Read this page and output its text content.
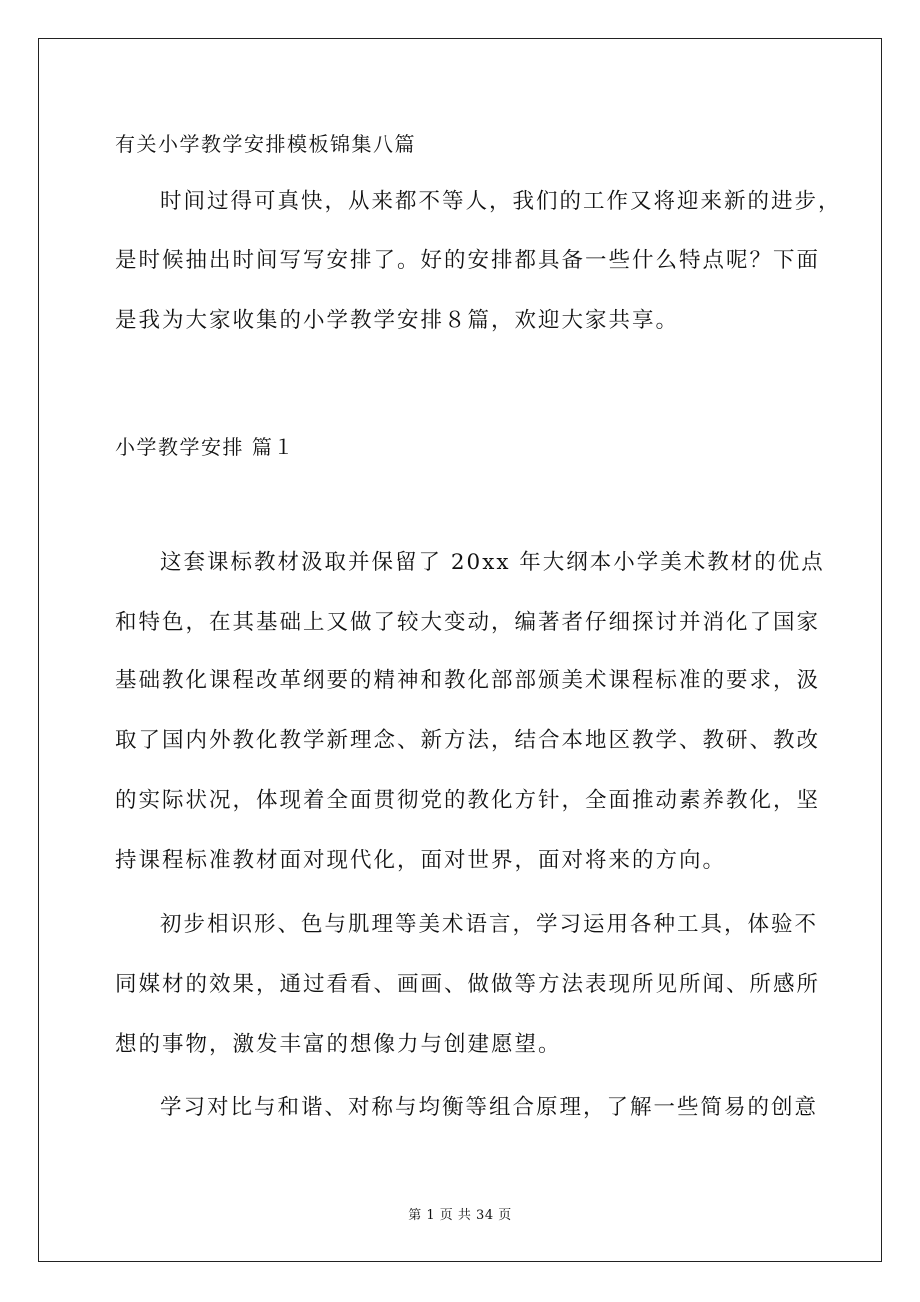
有关小学教学安排模板锦集八篇

时间过得可真快，从来都不等人，我们的工作又将迎来新的进步，

是时候抽出时间写写安排了。好的安排都具备一些什么特点呢？下面

是我为大家收集的小学教学安排８篇，欢迎大家共享。

小学教学安排 篇１

这套课标教材汲取并保留了 20xx 年大纲本小学美术教材的优点

和特色，在其基础上又做了较大变动，编著者仔细探讨并消化了国家

基础教化课程改革纲要的精神和教化部部颁美术课程标准的要求，汲

取了国内外教化教学新理念、新方法，结合本地区教学、教研、教改

的实际状况，体现着全面贯彻党的教化方针，全面推动素养教化，坚

持课程标准教材面对现代化，面对世界，面对将来的方向。

初步相识形、色与肌理等美术语言，学习运用各种工具，体验不

同媒材的效果，通过看看、画画、做做等方法表现所见所闻、所感所

想的事物，激发丰富的想像力与创建愿望。

学习对比与和谐、对称与均衡等组合原理，了解一些简易的创意

第 1 页 共 34 页
